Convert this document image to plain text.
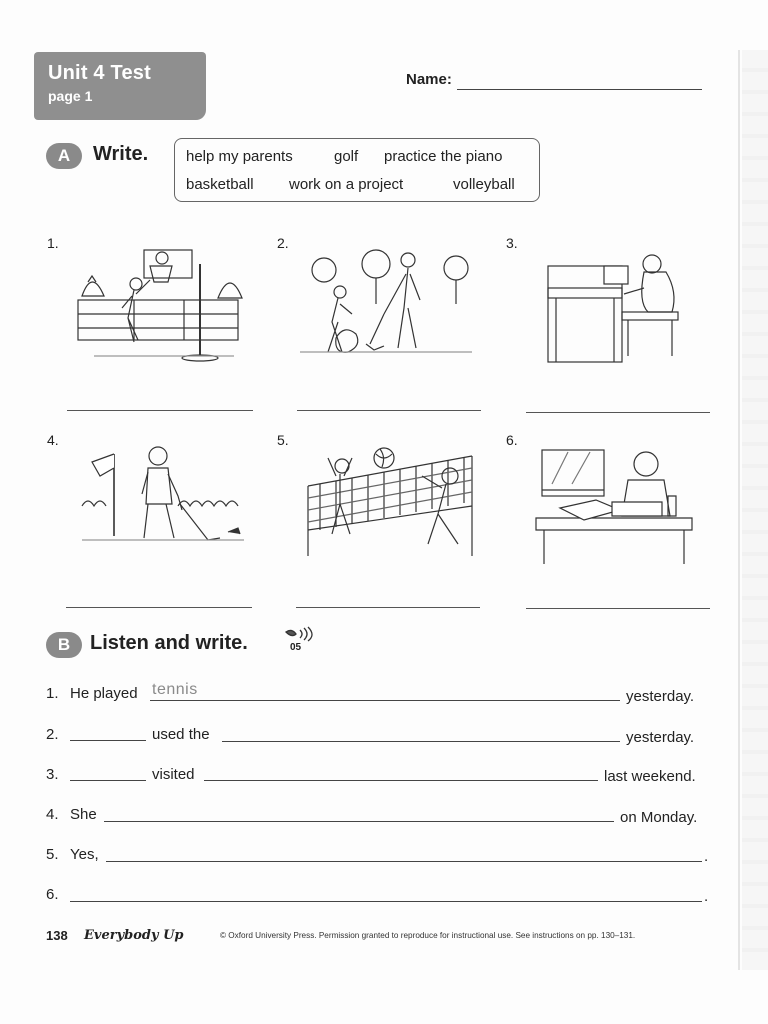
Unit 4 Test
page 1
Name:
A	Write.	help my parents	golf practice the piano
basketball work on a project	volleyball
1.	2.	3.
4.	5.	6.
B Listen and write.	05
1. He played tennis	yesterday.
2.	used the	yesterday.
3.	visited	last weekend.
4. She	on Monday.
5. Yes,	.
6.	.
138 Everybody Up	© Oxford University Press. Permission granted to reproduce for instructional use. See instructions on pp. 130–131.
